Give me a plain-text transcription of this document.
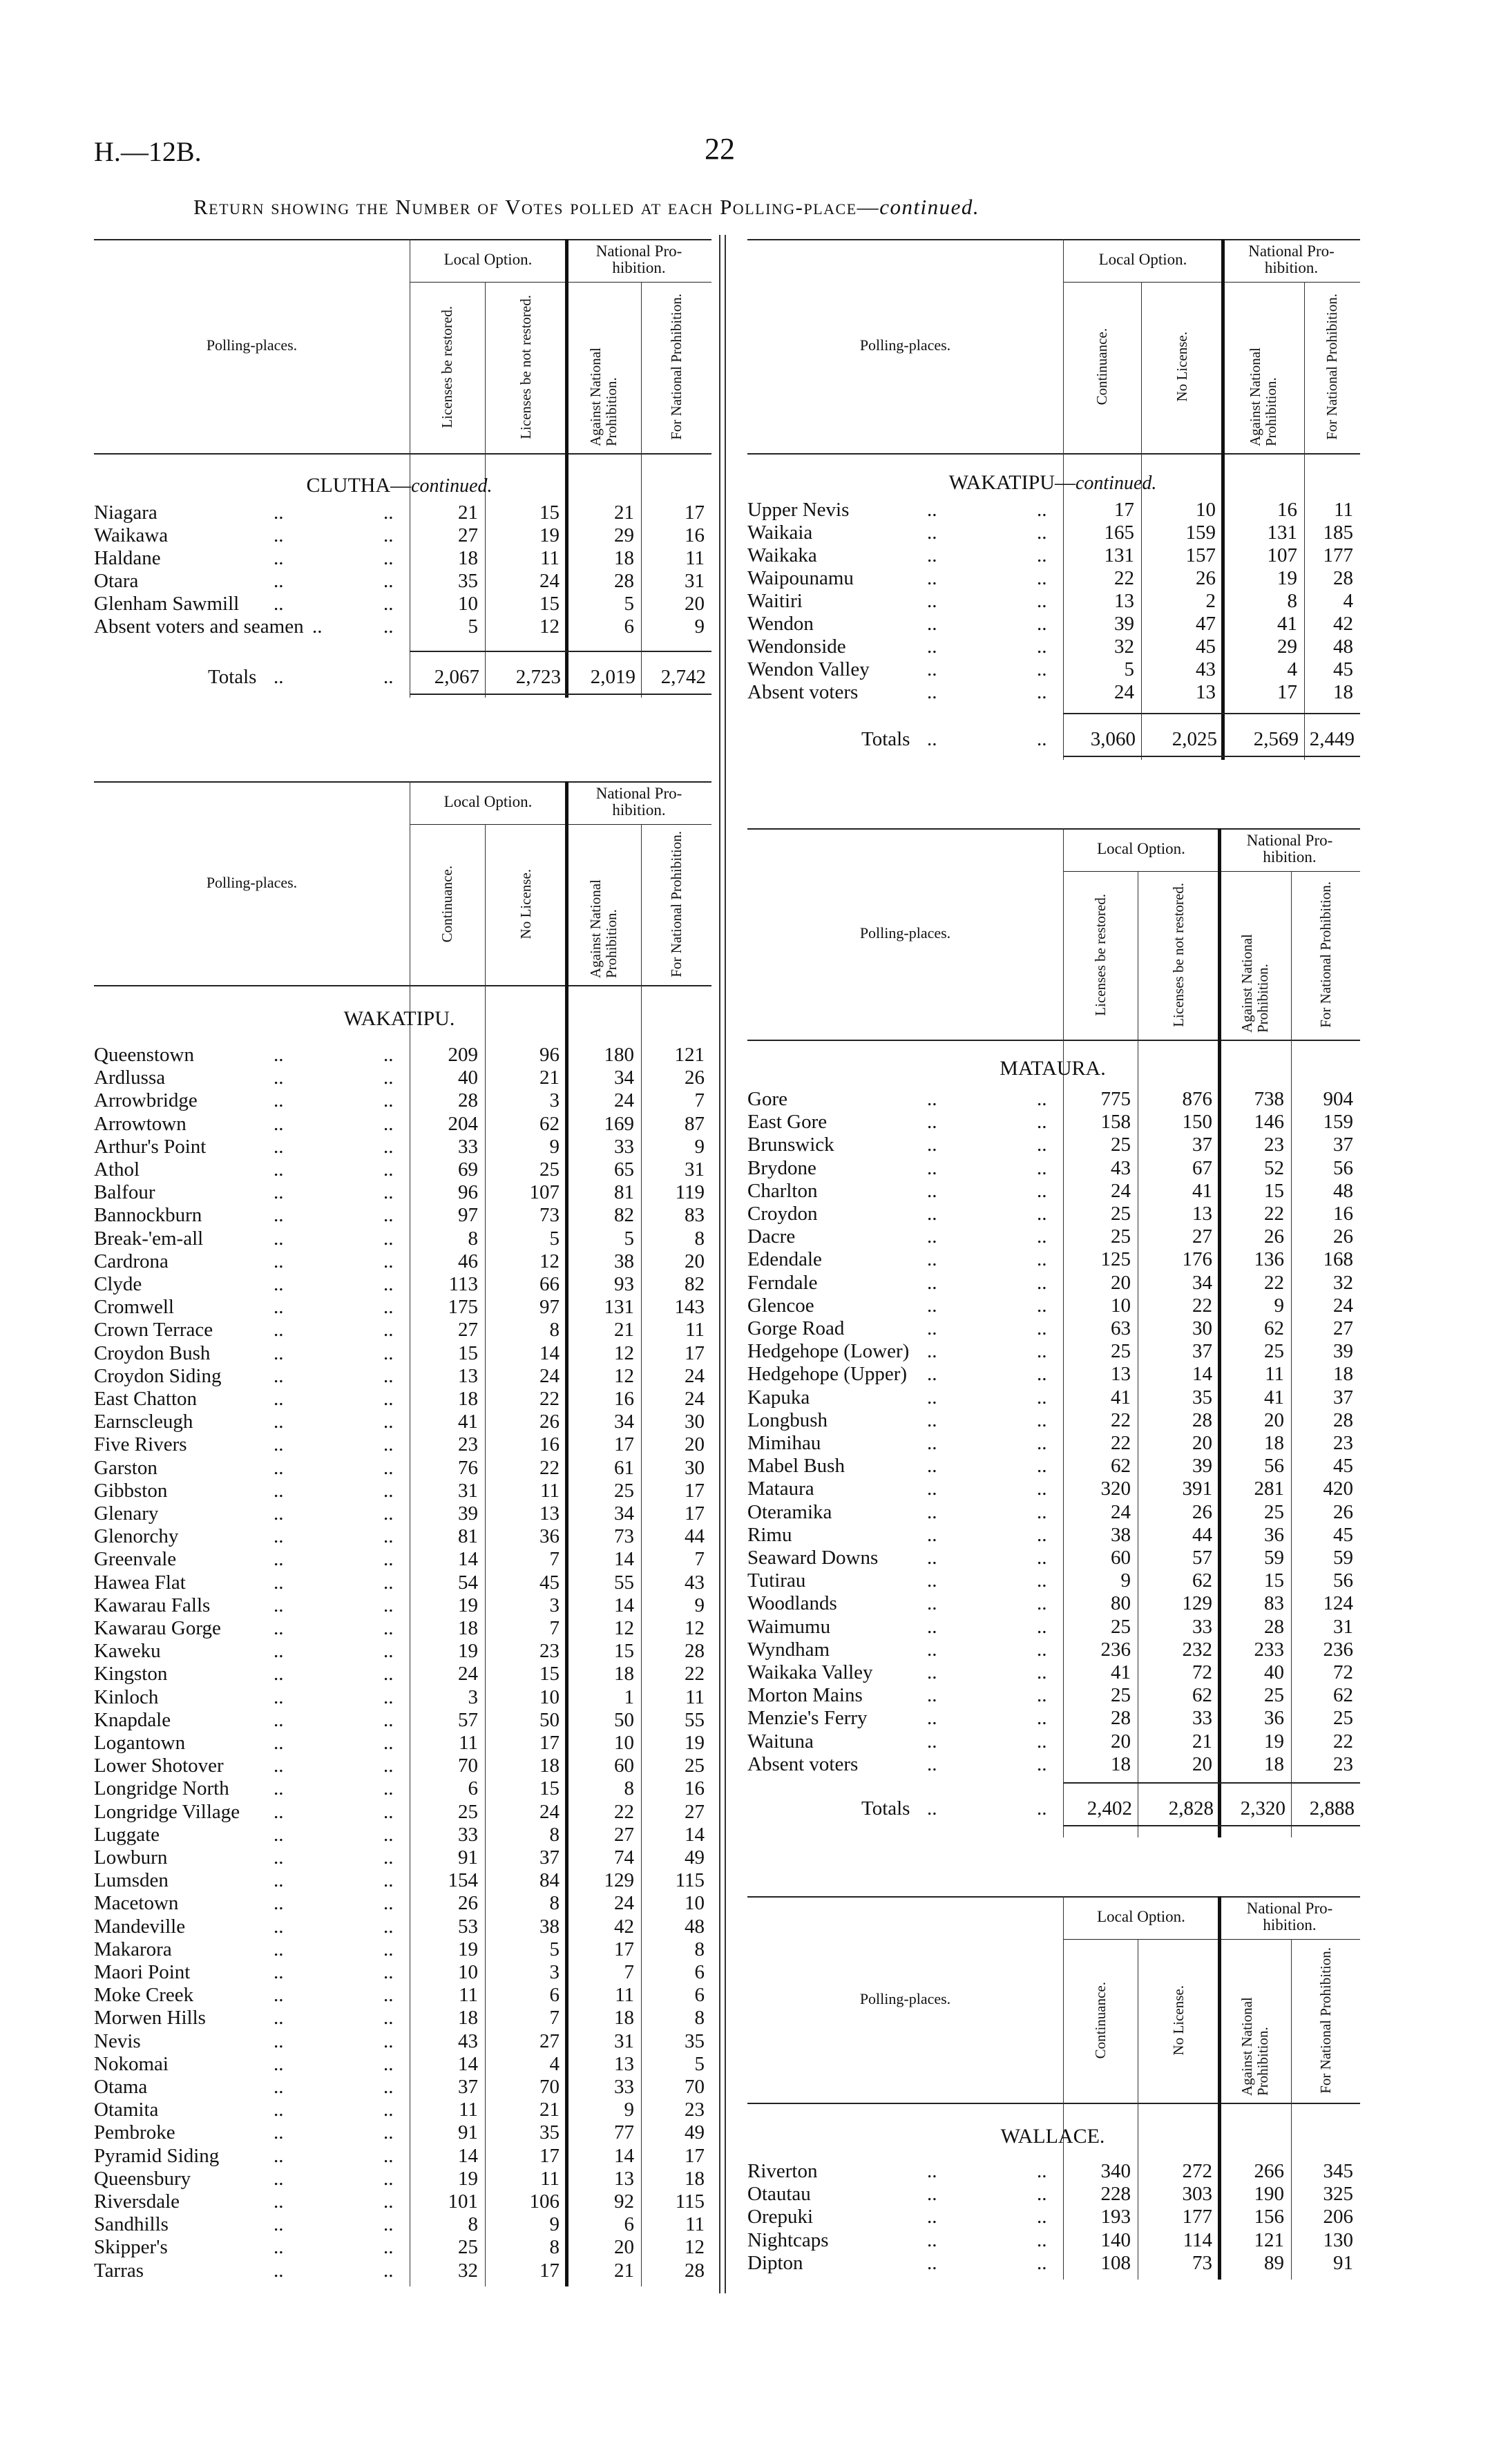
H.—12B.	22
Return showing the Number of Votes polled at each Polling-place—continued.
Polling-places.
Local Option.	National Pro-
hibition.
Licenses be restored.	Licenses be not restored.	Against National Prohibition.	For National Prohibition.
CLUTHA—continued.
Niagara	..	..	21	15	21	17
Waikawa	..	..	27	19	29	16
Haldane	..	..	18	11	18	11
Otara	..	..	35	24	28	31
Glenham Sawmill ..	..	10	15	5	20
Absent voters and seamen ..	..	5	12	6	9
Totals ..	..	2,067	2,723	2,019	2,742
Polling-places.
Local Option.	National Pro-
hibition.
Continuance.	No License.	Against National Prohibition.	For National Prohibition.
WAKATIPU—continued.
Upper Nevis	..	..	17	10	16	11
Waikaia	..	..	165	159	131	185
Waikaka	..	..	131	157	107	177
Waipounamu	..	..	22	26	19	28
Waitiri	..	..	13	2	8	4
Wendon	..	..	39	47	41	42
Wendonside	..	..	32	45	29	48
Wendon Valley	..	..	5	43	4	45
Absent voters	..	..	24	13	17	18
Totals ..	..	3,060	2,025	2,569 2,449
Polling-places.
Local Option.	National Pro-
hibition.
Continuance.	No License.	Against National Prohibition.	For National Prohibition.
WAKATIPU.
Queenstown	..	..	209	96	180	121
Ardlussa	..	..	40	21	34	26
Arrowbridge	..	..	28	3	24	7
Arrowtown	..	..	204	62	169	87
Arthur's Point	..	..	33	9	33	9
Athol	..	..	69	25	65	31
Balfour	..	..	96	107	81	119
Bannockburn	..	..	97	73	82	83
Break-'em-all	..	..	8	5	5	8
Cardrona	..	..	46	12	38	20
Clyde	..	..	113	66	93	82
Cromwell	..	..	175	97	131	143
Crown Terrace	..	..	27	8	21	11
Croydon Bush	..	..	15	14	12	17
Croydon Siding	..	..	13	24	12	24
East Chatton	..	..	18	22	16	24
Earnscleugh	..	..	41	26	34	30
Five Rivers	..	..	23	16	17	20
Garston	..	..	76	22	61	30
Gibbston	..	..	31	11	25	17
Glenary	..	..	39	13	34	17
Glenorchy	..	..	81	36	73	44
Greenvale	..	..	14	7	14	7
Hawea Flat	..	..	54	45	55	43
Kawarau Falls	..	..	19	3	14	9
Kawarau Gorge	..	..	18	7	12	12
Kaweku	..	..	19	23	15	28
Kingston	..	..	24	15	18	22
Kinloch	..	..	3	10	1	11
Knapdale	..	..	57	50	50	55
Logantown	..	..	11	17	10	19
Lower Shotover ..	..	70	18	60	25
Longridge North ..	..	6	15	8	16
Longridge Village ..	..	25	24	22	27
Luggate	..	..	33	8	27	14
Lowburn	..	..	91	37	74	49
Lumsden	..	..	154	84	129	115
Macetown	..	..	26	8	24	10
Mandeville	..	..	53	38	42	48
Makarora	..	..	19	5	17	8
Maori Point	..	..	10	3	7	6
Moke Creek	..	..	11	6	11	6
Morwen Hills	..	..	18	7	18	8
Nevis	..	..	43	27	31	35
Nokomai	..	..	14	4	13	5
Otama	..	..	37	70	33	70
Otamita	..	..	11	21	9	23
Pembroke	..	..	91	35	77	49
Pyramid Siding	..	..	14	17	14	17
Queensbury	..	..	19	11	13	18
Riversdale	..	..	101	106	92	115
Sandhills	..	..	8	9	6	11
Skipper's	..	..	25	8	20	12
Tarras	..	..	32	17	21	28
Polling-places.
Local Option.	National Pro-
hibition.
Licenses be restored.	Licenses be not restored.	Against National Prohibition.	For National Prohibition.
MATAURA.
Gore	..	..	775	876	738	904
East Gore	..	..	158	150	146	159
Brunswick	..	..	25	37	23	37
Brydone	..	..	43	67	52	56
Charlton	..	..	24	41	15	48
Croydon	..	..	25	13	22	16
Dacre	..	..	25	27	26	26
Edendale	..	..	125	176	136	168
Ferndale	..	..	20	34	22	32
Glencoe	..	..	10	22	9	24
Gorge Road	..	..	63	30	62	27
Hedgehope (Lower) ..	..	25	37	25	39
Hedgehope (Upper) ..	..	13	14	11	18
Kapuka	..	..	41	35	41	37
Longbush	..	..	22	28	20	28
Mimihau	..	..	22	20	18	23
Mabel Bush	..	..	62	39	56	45
Mataura	..	..	320	391	281	420
Oteramika	..	..	24	26	25	26
Rimu	..	..	38	44	36	45
Seaward Downs ..	..	60	57	59	59
Tutirau	..	..	9	62	15	56
Woodlands	..	..	80	129	83	124
Waimumu	..	..	25	33	28	31
Wyndham	..	..	236	232	233	236
Waikaka Valley	..	..	41	72	40	72
Morton Mains	..	..	25	62	25	62
Menzie's Ferry	..	..	28	33	36	25
Waituna	..	..	20	21	19	22
Absent voters	..	..	18	20	18	23
Totals ..	..	2,402	2,828	2,320	2,888
Polling-places.
Local Option.	National Pro-
hibition.
Continuance.	No License.	Against National Prohibition.	For National Prohibition.
WALLACE.
Riverton	..	..	340	272	266	345
Otautau	..	..	228	303	190	325
Orepuki	..	..	193	177	156	206
Nightcaps	..	..	140	114	121	130
Dipton	..	..	108	73	89	91
